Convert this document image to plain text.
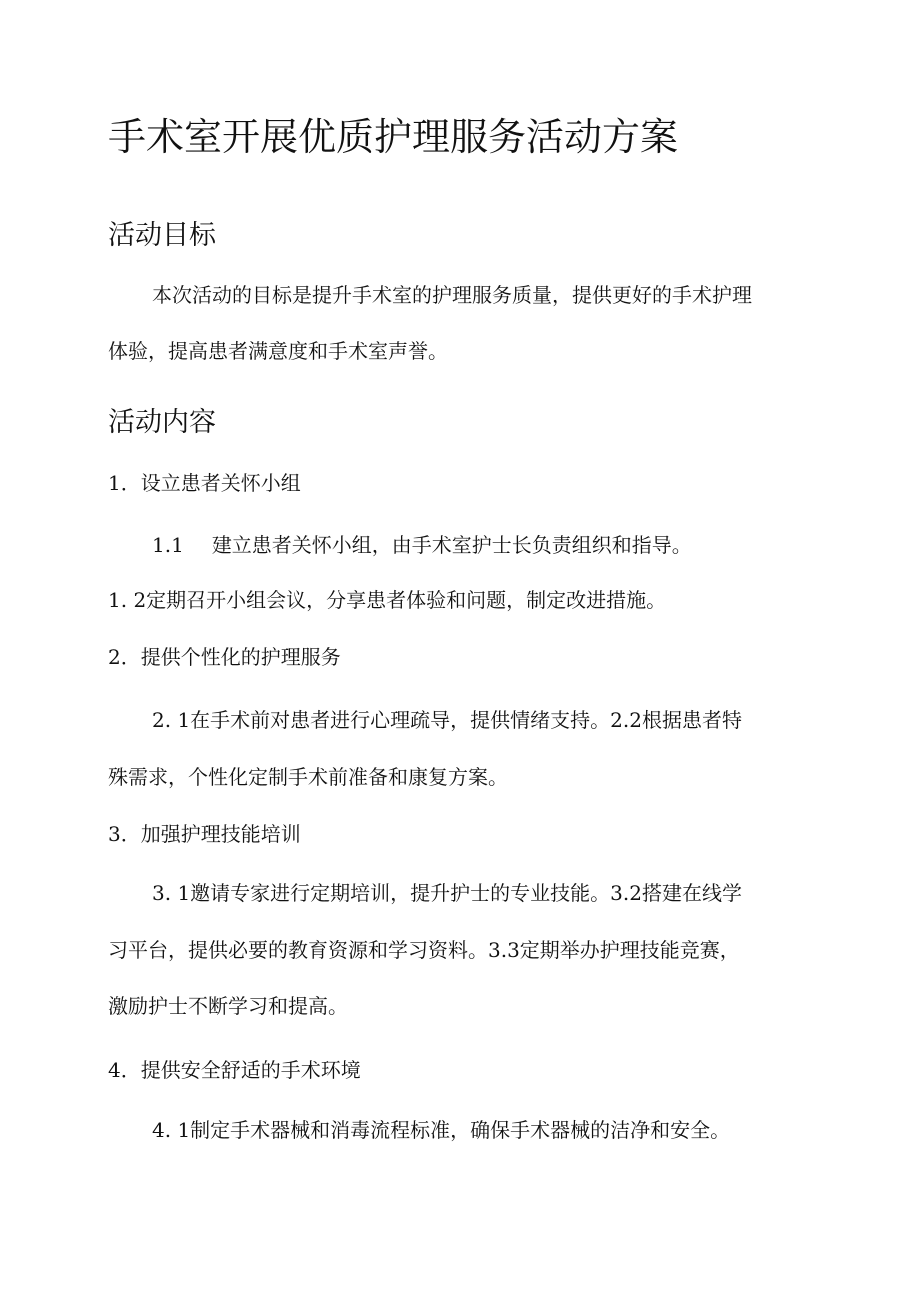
手术室开展优质护理服务活动方案
活动目标
本次活动的目标是提升手术室的护理服务质量，提供更好的手术护理
体验，提高患者满意度和手术室声誉。
活动内容
1．设立患者关怀小组
1.1 建立患者关怀小组，由手术室护士长负责组织和指导。
1. 2定期召开小组会议，分享患者体验和问题，制定改进措施。
2．提供个性化的护理服务
2. 1在手术前对患者进行心理疏导，提供情绪支持。2.2根据患者特
殊需求，个性化定制手术前准备和康复方案。
3．加强护理技能培训
3. 1邀请专家进行定期培训，提升护士的专业技能。3.2搭建在线学
习平台，提供必要的教育资源和学习资料。3.3定期举办护理技能竞赛，
激励护士不断学习和提高。
4．提供安全舒适的手术环境
4. 1制定手术器械和消毒流程标准，确保手术器械的洁净和安全。
